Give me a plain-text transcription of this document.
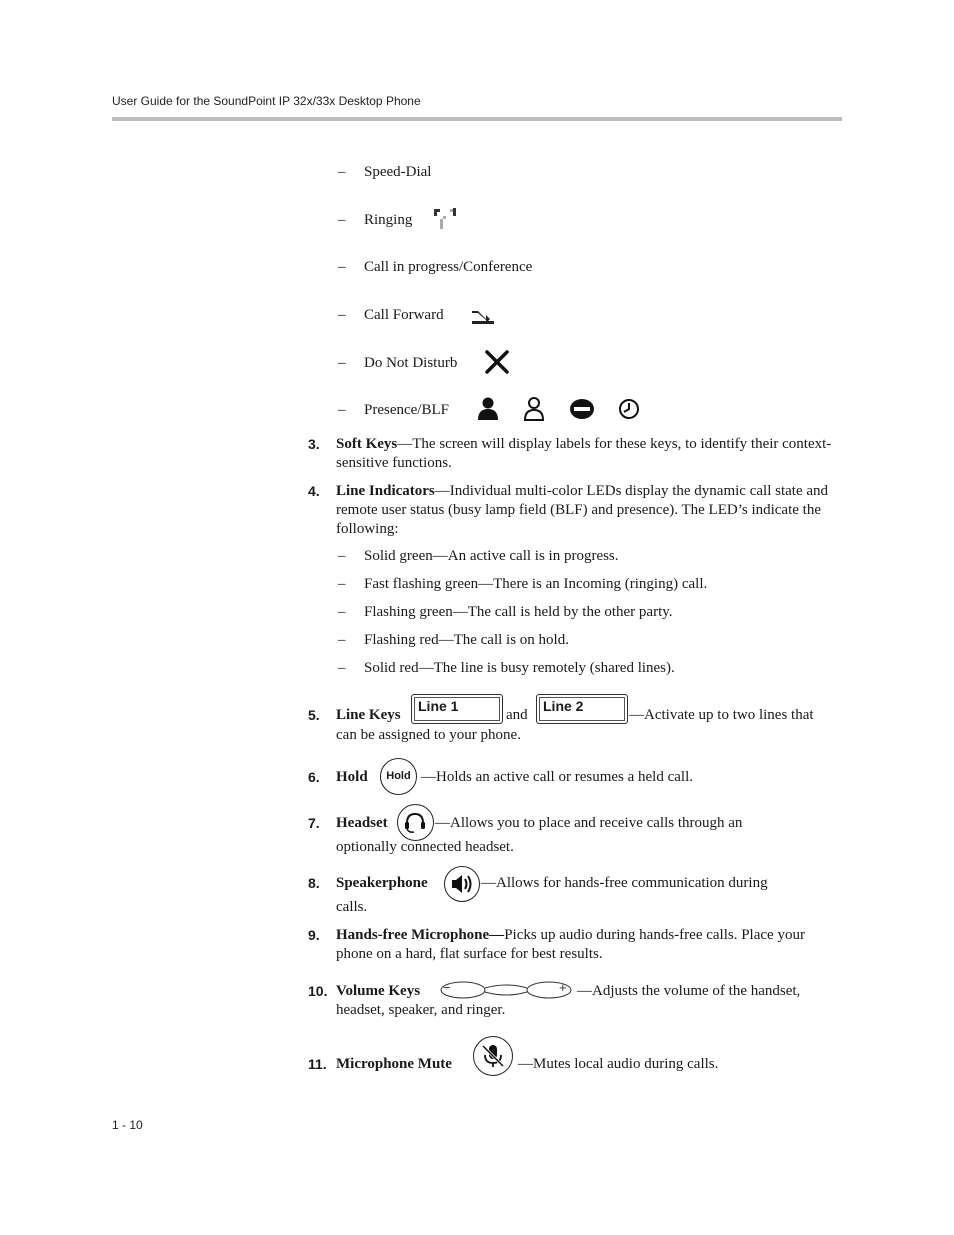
User Guide for the SoundPoint IP 32x/33x Desktop Phone
– Speed-Dial
– Ringing
– Call in progress/Conference
– Call Forward
– Do Not Disturb
– Presence/BLF
3. Soft Keys—The screen will display labels for these keys, to identify their context-sensitive functions.
4. Line Indicators—Individual multi-color LEDs display the dynamic call state and remote user status (busy lamp field (BLF) and presence). The LED’s indicate the following:
– Solid green—An active call is in progress.
– Fast flashing green—There is an Incoming (ringing) call.
– Flashing green—The call is held by the other party.
– Flashing red—The call is on hold.
– Solid red—The line is busy remotely (shared lines).
5. Line Keys
Line 1
and
Line 2
—Activate up to two lines that
can be assigned to your phone.
6. Hold	Hold —Holds an active call or resumes a held call.
7. Headset	—Allows you to place and receive calls through an
optionally connected headset.
8. Speakerphone	—Allows for hands-free communication during
calls.
9. Hands-free Microphone—Picks up audio during hands-free calls. Place your phone on a hard, flat surface for best results.
10. Volume Keys −	+ —Adjusts the volume of the handset,
headset, speaker, and ringer.
11. Microphone Mute	—Mutes local audio during calls.
1 - 10
